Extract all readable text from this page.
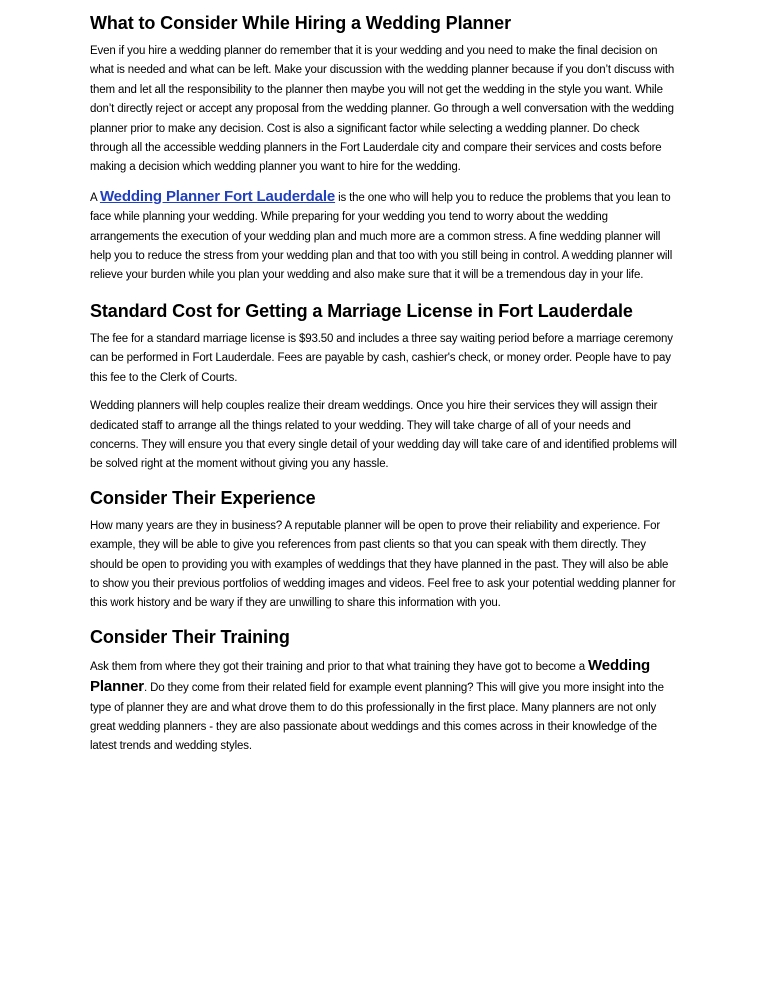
What to Consider While Hiring a Wedding Planner

Even if you hire a wedding planner do remember that it is your wedding and you need to make the final decision on what is needed and what can be left. Make your discussion with the wedding planner because if you don’t discuss with them and let all the responsibility to the planner then maybe you will not get the wedding in the style you want. While don’t directly reject or accept any proposal from the wedding planner. Go through a well conversation with the wedding planner prior to make any decision. Cost is also a significant factor while selecting a wedding planner. Do check through all the accessible wedding planners in the Fort Lauderdale city and compare their services and costs before making a decision which wedding planner you want to hire for the wedding.

A Wedding Planner Fort Lauderdale is the one who will help you to reduce the problems that you lean to face while planning your wedding. While preparing for your wedding you tend to worry about the wedding arrangements the execution of your wedding plan and much more are a common stress. A fine wedding planner will help you to reduce the stress from your wedding plan and that too with you still being in control. A wedding planner will relieve your burden while you plan your wedding and also make sure that it will be a tremendous day in your life.

Standard Cost for Getting a Marriage License in Fort Lauderdale

The fee for a standard marriage license is $93.50 and includes a three say waiting period before a marriage ceremony can be performed in Fort Lauderdale. Fees are payable by cash, cashier's check, or money order. People have to pay this fee to the Clerk of Courts.

Wedding planners will help couples realize their dream weddings. Once you hire their services they will assign their dedicated staff to arrange all the things related to your wedding. They will take charge of all of your needs and concerns. They will ensure you that every single detail of your wedding day will take care of and identified problems will be solved right at the moment without giving you any hassle.

Consider Their Experience

How many years are they in business? A reputable planner will be open to prove their reliability and experience. For example, they will be able to give you references from past clients so that you can speak with them directly. They should be open to providing you with examples of weddings that they have planned in the past. They will also be able to show you their previous portfolios of wedding images and videos. Feel free to ask your potential wedding planner for this work history and be wary if they are unwilling to share this information with you.

Consider Their Training

Ask them from where they got their training and prior to that what training they have got to become a Wedding Planner. Do they come from their related field for example event planning? This will give you more insight into the type of planner they are and what drove them to do this professionally in the first place. Many planners are not only great wedding planners - they are also passionate about weddings and this comes across in their knowledge of the latest trends and wedding styles.
